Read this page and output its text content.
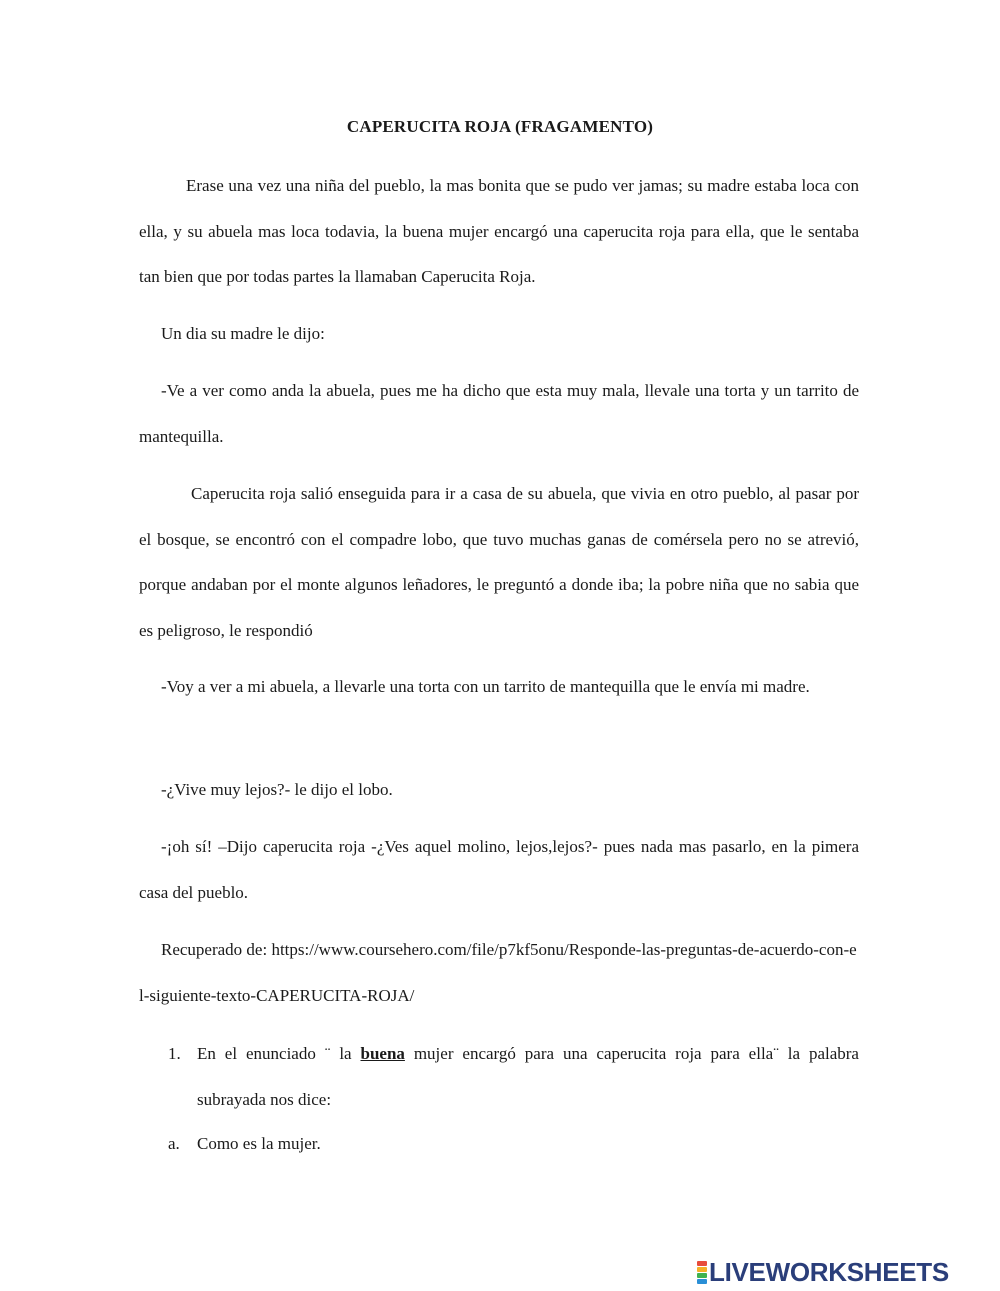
CAPERUCITA ROJA (FRAGAMENTO)

Erase una vez una niña del pueblo, la mas bonita que se pudo ver jamas; su madre estaba loca con ella, y su abuela mas loca todavia, la buena mujer encargó una caperucita roja para ella, que le sentaba tan bien que por todas partes la llamaban Caperucita Roja.

Un dia su madre le dijo:

-Ve a ver como anda la abuela, pues me ha dicho que esta muy mala, llevale una torta y un tarrito de mantequilla.

Caperucita roja salió enseguida para ir a casa de su abuela, que vivia en otro pueblo, al pasar por el bosque, se encontró con el compadre lobo, que tuvo muchas ganas de comérsela pero no se atrevió, porque andaban por el monte algunos leñadores, le preguntó a donde iba; la pobre niña que no sabia que es peligroso, le respondió

-Voy a ver a mi abuela, a llevarle una torta con un tarrito de mantequilla que le envía mi madre.

-¿Vive muy lejos?- le dijo el lobo.

-¡oh sí! –Dijo caperucita roja -¿Ves aquel molino, lejos,lejos?- pues nada mas pasarlo, en la pimera casa del pueblo.

Recuperado de: https://www.coursehero.com/file/p7kf5onu/Responde-las-preguntas-de-acuerdo-con-el-siguiente-texto-CAPERUCITA-ROJA/

1. En el enunciado ¨ la buena mujer encargó para una caperucita roja para ella¨ la palabra subrayada nos dice:

a. Como es la mujer.
LIVEWORKSHEETS
